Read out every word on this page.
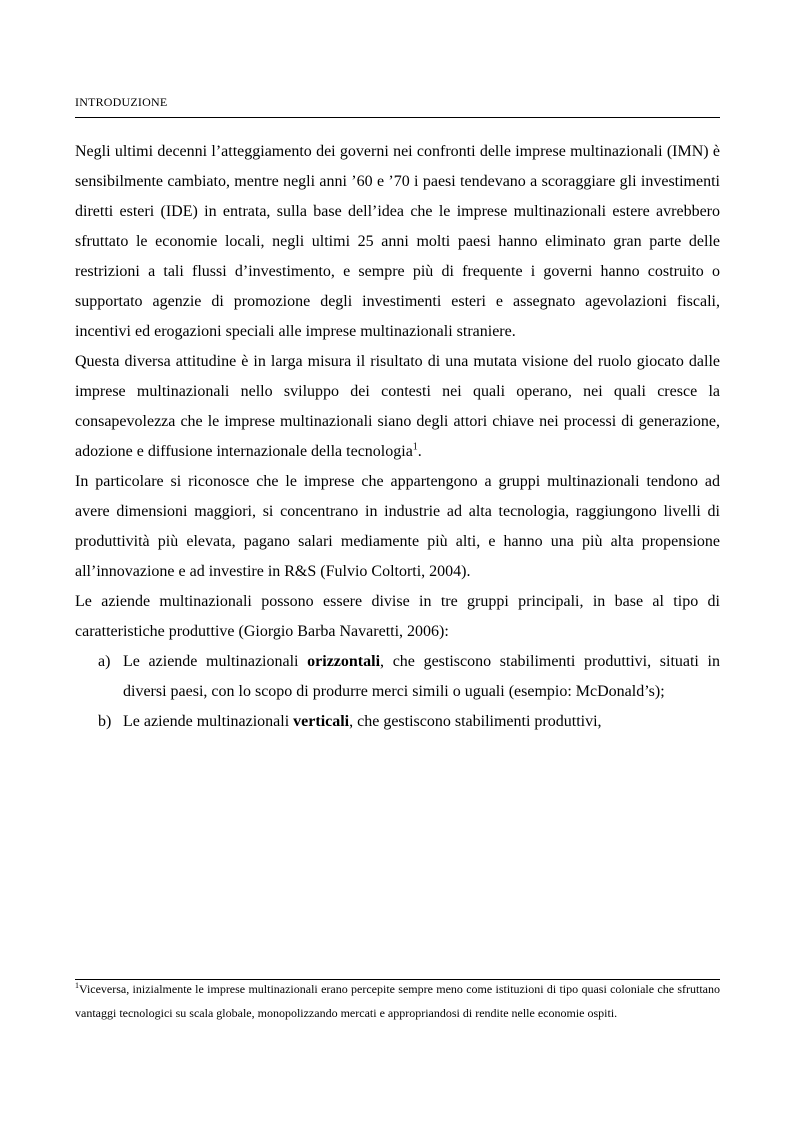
INTRODUZIONE

Negli ultimi decenni l’atteggiamento dei governi nei confronti delle imprese multinazionali (IMN) è sensibilmente cambiato, mentre negli anni ’60 e ’70 i paesi tendevano a scoraggiare gli investimenti diretti esteri (IDE) in entrata, sulla base dell’idea che le imprese multinazionali estere avrebbero sfruttato le economie locali, negli ultimi 25 anni molti paesi hanno eliminato gran parte delle restrizioni a tali flussi d’investimento, e sempre più di frequente i governi hanno costruito o supportato agenzie di promozione degli investimenti esteri e assegnato agevolazioni fiscali, incentivi ed erogazioni speciali alle imprese multinazionali straniere.

Questa diversa attitudine è in larga misura il risultato di una mutata visione del ruolo giocato dalle imprese multinazionali nello sviluppo dei contesti nei quali operano, nei quali cresce la consapevolezza che le imprese multinazionali siano degli attori chiave nei processi di generazione, adozione e diffusione internazionale della tecnologia$^1$.

In particolare si riconosce che le imprese che appartengono a gruppi multinazionali tendono ad avere dimensioni maggiori, si concentrano in industrie ad alta tecnologia, raggiungono livelli di produttività più elevata, pagano salari mediamente più alti, e hanno una più alta propensione all’innovazione e ad investire in R&S (Fulvio Coltorti, 2004).

Le aziende multinazionali possono essere divise in tre gruppi principali, in base al tipo di caratteristiche produttive (Giorgio Barba Navaretti, 2006):

a) Le aziende multinazionali orizzontali, che gestiscono stabilimenti produttivi, situati in diversi paesi, con lo scopo di produrre merci simili o uguali (esempio: McDonald’s);
b) Le aziende multinazionali verticali, che gestiscono stabilimenti produttivi,
$^1$Viceversa, inizialmente le imprese multinazionali erano percepite sempre meno come istituzioni di tipo quasi coloniale che sfruttano vantaggi tecnologici su scala globale, monopolizzando mercati e appropriandosi di rendite nelle economie ospiti.
